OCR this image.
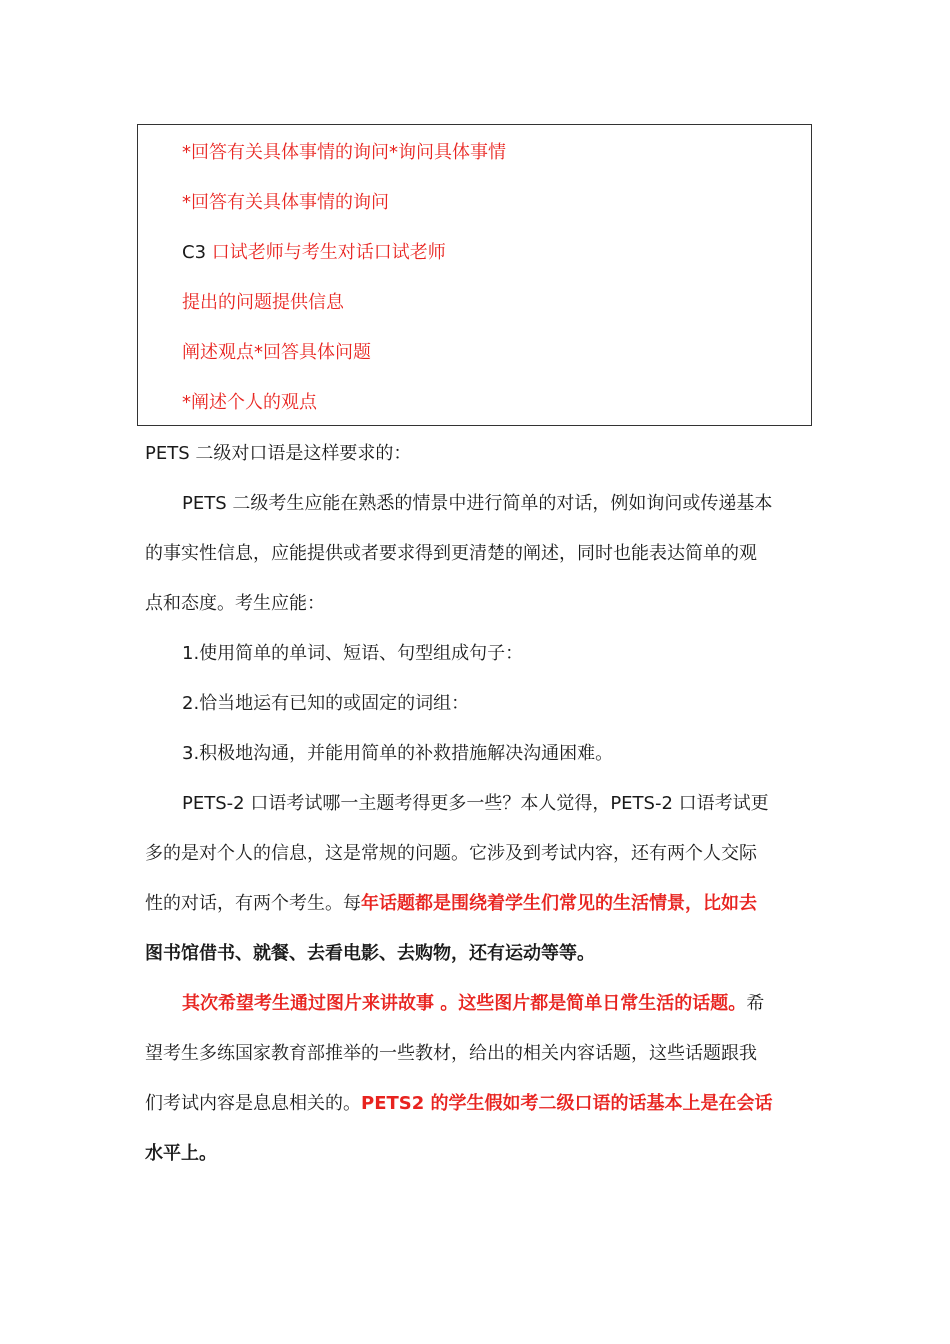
*回答有关具体事情的询问*询问具体事情
*回答有关具体事情的询问
C3 口试老师与考生对话口试老师
提出的问题提供信息
阐述观点*回答具体问题
*阐述个人的观点
PETS 二级对口语是这样要求的：
PETS 二级考生应能在熟悉的情景中进行简单的对话，例如询问或传递基本
的事实性信息，应能提供或者要求得到更清楚的阐述，同时也能表达简单的观
点和态度。考生应能：
1.使用简单的单词、短语、句型组成句子：
2.恰当地运有已知的或固定的词组：
3.积极地沟通，并能用简单的补救措施解决沟通困难。
PETS-2 口语考试哪一主题考得更多一些？本人觉得，PETS-2 口语考试更
多的是对个人的信息，这是常规的问题。它涉及到考试内容，还有两个人交际
性的对话，有两个考生。每年话题都是围绕着学生们常见的生活情景，比如去
图书馆借书、就餐、去看电影、去购物，还有运动等等。
其次希望考生通过图片来讲故事 。这些图片都是简单日常生活的话题。希
望考生多练国家教育部推举的一些教材，给出的相关内容话题，这些话题跟我
们考试内容是息息相关的。PETS2 的学生假如考二级口语的话基本上是在会话
水平上。
